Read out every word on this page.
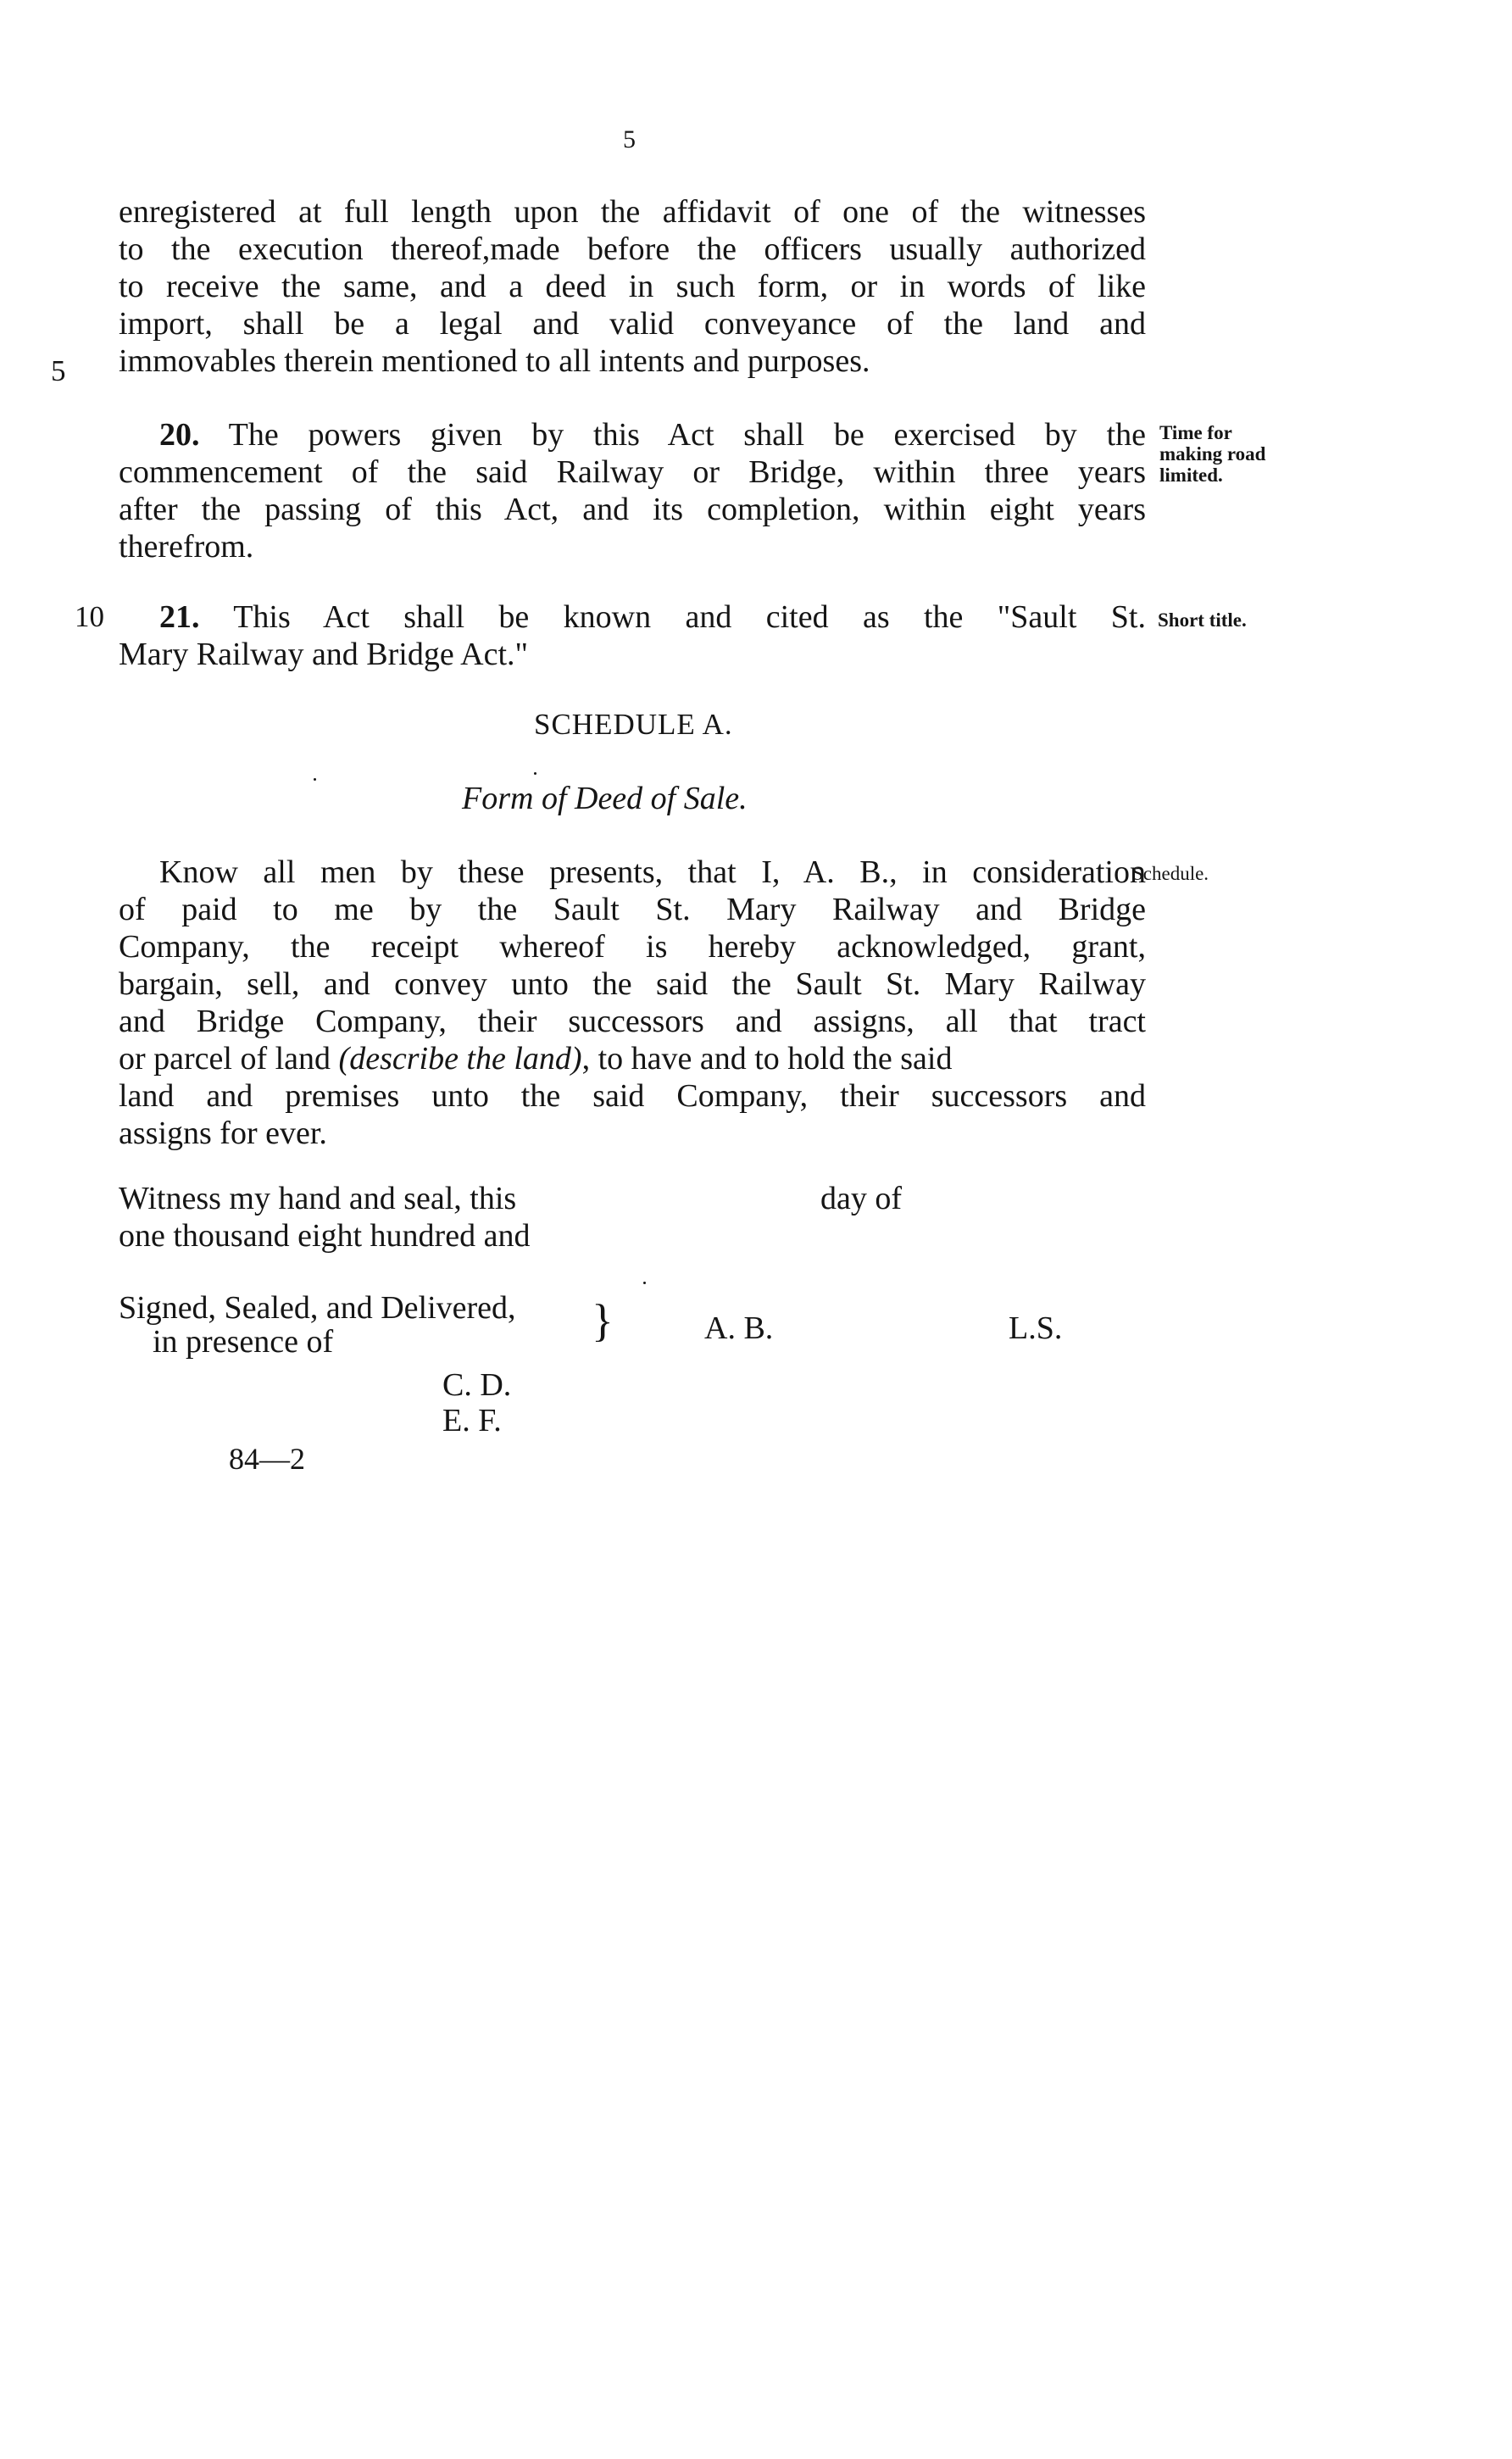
5
5
enregistered at full length upon the affidavit of one of the witnesses
to the execution thereof,made before the officers usually authorized
to receive the same, and a deed in such form, or in words of like
import, shall be a legal and valid conveyance of the land and
immovables therein mentioned to all intents and purposes.
20. The powers given by this Act shall be exercised by the
commencement of the said Railway or Bridge, within three years
after the passing of this Act, and its completion, within eight years
therefrom.
Time for
making road
limited.
10	21. This Act shall be known and cited as the "Sault St.
Mary Railway and Bridge Act."
Short title.
SCHEDULE A.
Form of Deed of Sale.
Know all men by these presents, that I, A. B., in consideration
of paid to me by the Sault St. Mary Railway and Bridge
Company, the receipt whereof is hereby acknowledged, grant,
bargain, sell, and convey unto the said the Sault St. Mary Railway
and Bridge Company, their successors and assigns, all that tract
or parcel of land (describe the land), to have and to hold the said
land and premises unto the said Company, their successors and
assigns for ever.
Schedule.
Witness my hand and seal, this	day of
one thousand eight hundred and
Signed, Sealed, and Delivered,
in presence of	}	A. B.	L.S.
C. D.
E. F.
84—2
